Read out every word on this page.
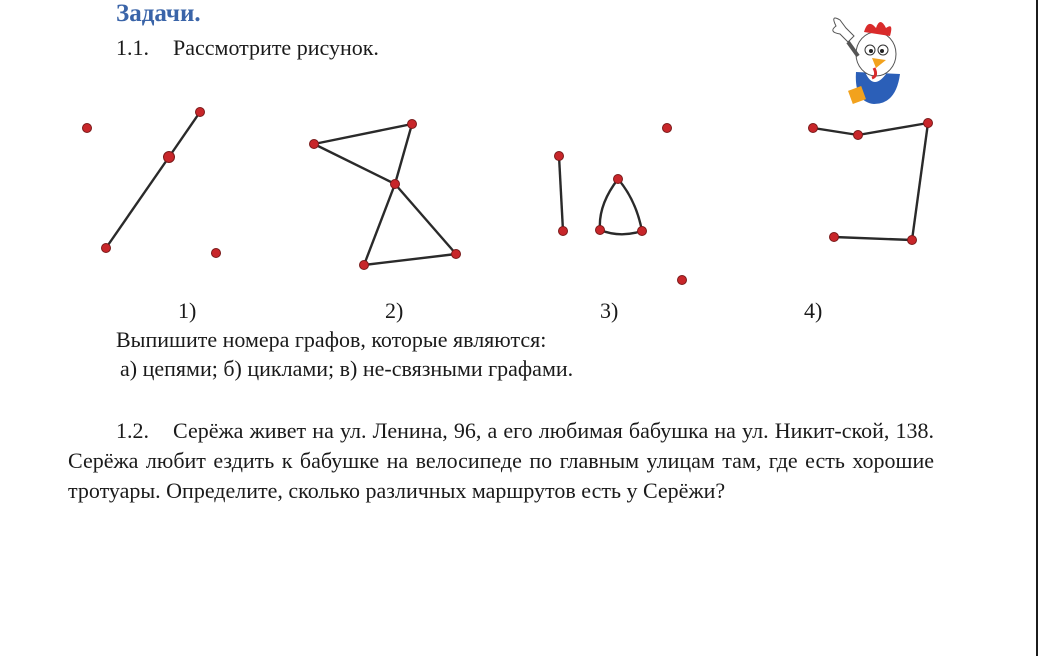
Задачи.
1.1. Рассмотрите рисунок.
1)	2)	3)	4)
Выпишите номера графов, которые являются:
а) цепями; б) циклами; в) не-связными графами.
1.2. Серёжа живет на ул. Ленина, 96, а его любимая бабушка на ул. Никит-ской, 138. Серёжа любит ездить к бабушке на велосипеде по главным улицам там, где есть хорошие тротуары. Определите, сколько различных маршрутов есть у Серёжи?
